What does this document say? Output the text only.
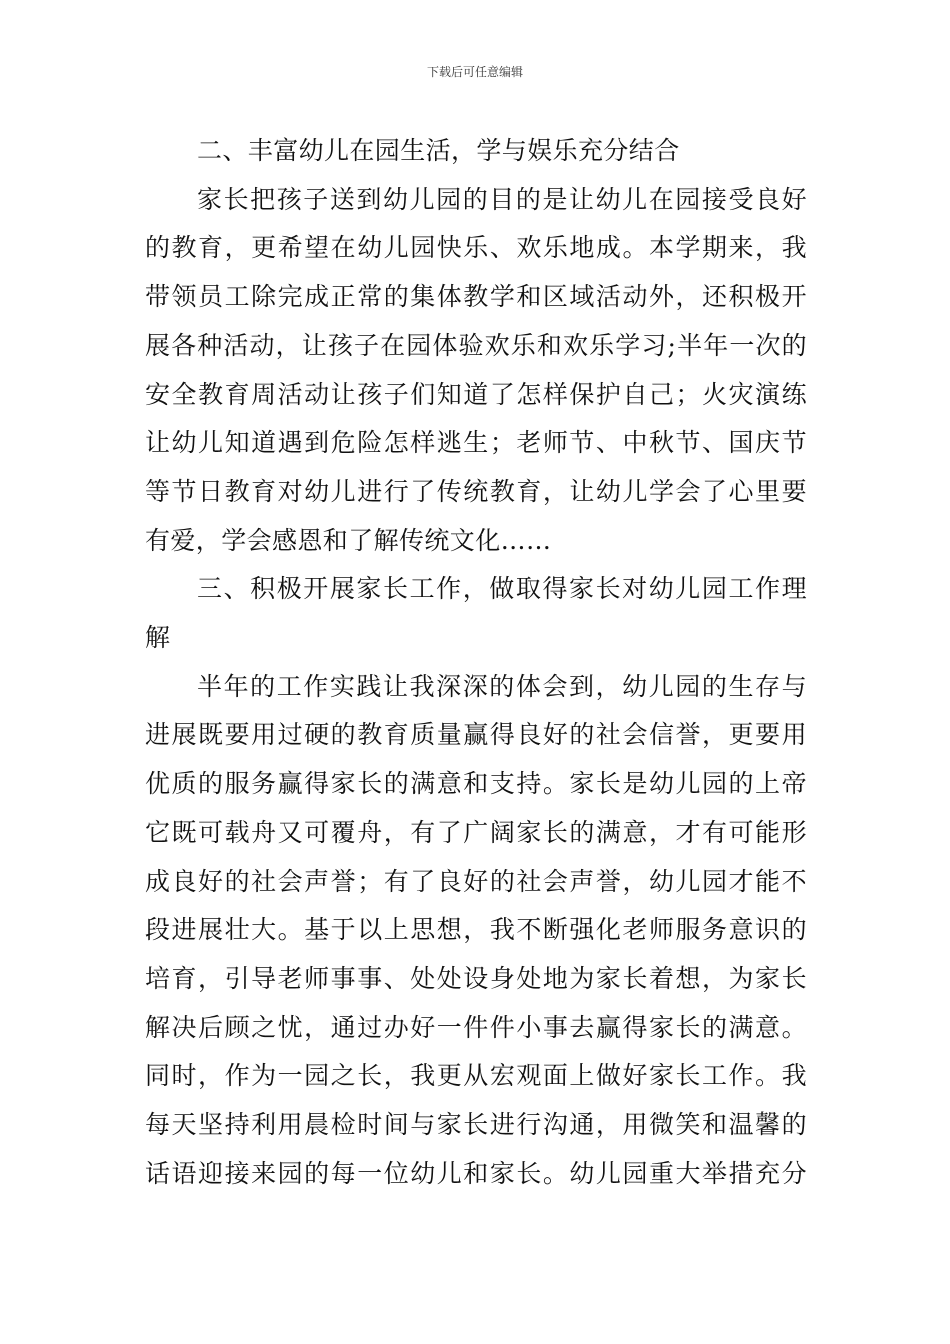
下载后可任意编辑

二、丰富幼儿在园生活，学与娱乐充分结合

家长把孩子送到幼儿园的目的是让幼儿在园接受良好
的教育，更希望在幼儿园快乐、欢乐地成。本学期来，我
带领员工除完成正常的集体教学和区域活动外，还积极开
展各种活动，让孩子在园体验欢乐和欢乐学习;半年一次的
安全教育周活动让孩子们知道了怎样保护自己；火灾演练
让幼儿知道遇到危险怎样逃生；老师节、中秋节、国庆节
等节日教育对幼儿进行了传统教育，让幼儿学会了心里要
有爱，学会感恩和了解传统文化……

三、积极开展家长工作，做取得家长对幼儿园工作理
解

半年的工作实践让我深深的体会到，幼儿园的生存与
进展既要用过硬的教育质量赢得良好的社会信誉，更要用
优质的服务赢得家长的满意和支持。家长是幼儿园的上帝
它既可载舟又可覆舟，有了广阔家长的满意，才有可能形
成良好的社会声誉；有了良好的社会声誉，幼儿园才能不
段进展壮大。基于以上思想，我不断强化老师服务意识的
培育，引导老师事事、处处设身处地为家长着想，为家长
解决后顾之忧，通过办好一件件小事去赢得家长的满意。
同时，作为一园之长，我更从宏观面上做好家长工作。我
每天坚持利用晨检时间与家长进行沟通，用微笑和温馨的
话语迎接来园的每一位幼儿和家长。幼儿园重大举措充分
